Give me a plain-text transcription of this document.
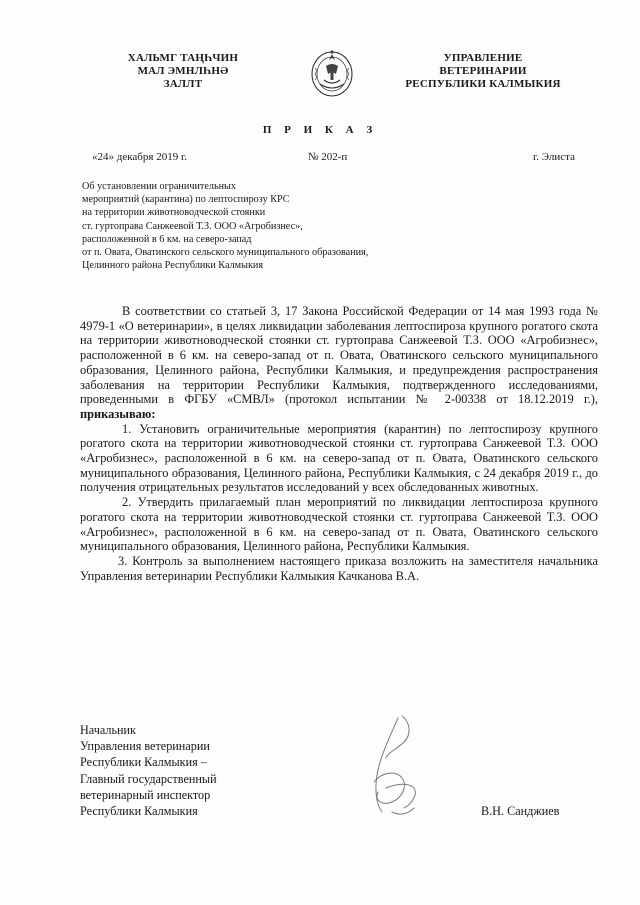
ХАЛЬМГ ТАҢҺЧИН
МАЛ ЭМНЛҺНӘ
ЗАЛЛТ
УПРАВЛЕНИЕ
ВЕТЕРИНАРИИ
РЕСПУБЛИКИ КАЛМЫКИЯ
П Р И К А З
«24» декабря 2019 г.	№ 202-п	г. Элиста
Об установлении ограничительных
мероприятий (карантина) по лептоспирозу КРС
на территории животноводческой стоянки
ст. гуртоправа Санжеевой Т.З. ООО «Агробизнес»,
расположенной в 6 км. на северо-запад
от п. Овата, Оватинского сельского муниципального образования,
Целинного района Республики Калмыкия

В соответствии со статьей 3, 17 Закона Российской Федерации от 14 мая 1993 года № 4979-1 «О ветеринарии», в целях ликвидации заболевания лептоспироза крупного рогатого скота на территории животноводческой стоянки ст. гуртоправа Санжеевой Т.З. ООО «Агробизнес», расположенной в 6 км. на северо-запад от п. Овата, Оватинского сельского муниципального образования, Целинного района, Республики Калмыкия, и предупреждения распространения заболевания на территории Республики Калмыкия, подтвержденного исследованиями, проведенными в ФГБУ «СМВЛ» (протокол испытании № 2-00338 от 18.12.2019 г.), приказываю:

1. Установить ограничительные мероприятия (карантин) по лептоспирозу крупного рогатого скота на территории животноводческой стоянки ст. гуртоправа Санжеевой Т.З. ООО «Агробизнес», расположенной в 6 км. на северо-запад от п. Овата, Оватинского сельского муниципального образования, Целинного района, Республики Калмыкия, с 24 декабря 2019 г., до получения отрицательных результатов исследований у всех обследованных животных.

2. Утвердить прилагаемый план мероприятий по ликвидации лептоспироза крупного рогатого скота на территории животноводческой стоянки ст. гуртоправа Санжеевой Т.З. ООО «Агробизнес», расположенной в 6 км. на северо-запад от п. Овата, Оватинского сельского муниципального образования, Целинного района, Республики Калмыкия.

3. Контроль за выполнением настоящего приказа возложить на заместителя начальника Управления ветеринарии Республики Калмыкия Качканова В.А.

Начальник
Управления ветеринарии
Республики Калмыкия –
Главный государственный
ветеринарный инспектор
Республики Калмыкия	В.Н. Санджиев
